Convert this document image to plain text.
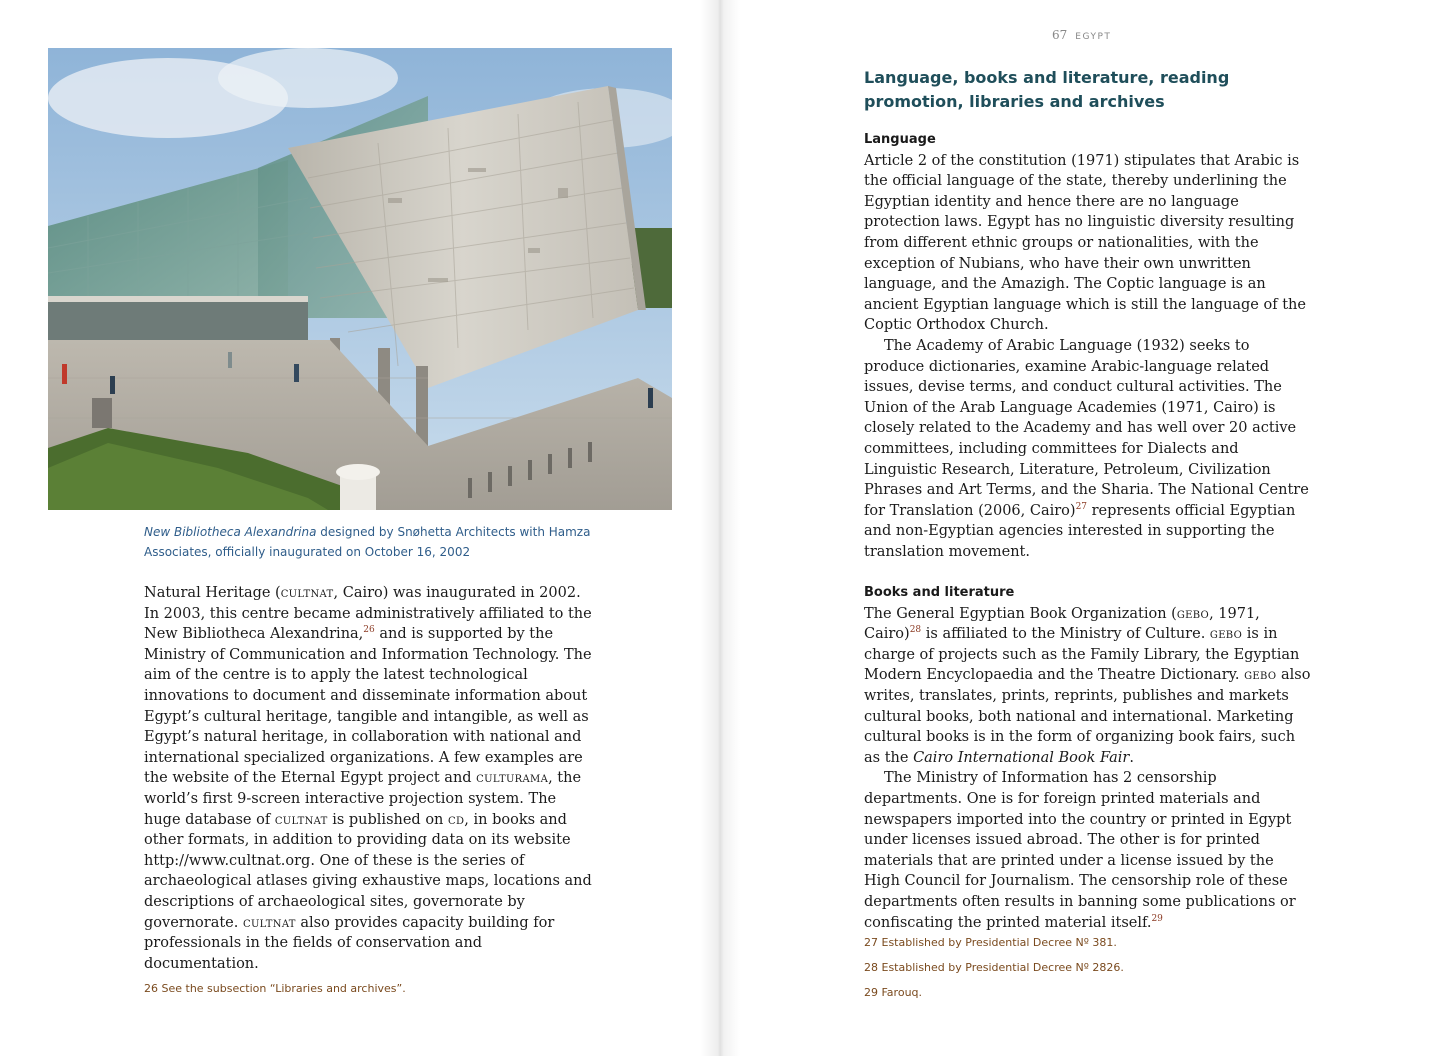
New Bibliotheca Alexandrina designed by Snøhetta Architects with Hamza Associates, officially inaugurated on October 16, 2002

Natural Heritage (cultnat, Cairo) was inaugurated in 2002. In 2003, this centre became administratively affiliated to the New Bibliotheca Alexandrina,$^{26}$ and is supported by the Ministry of Communication and Information Technology. The aim of the centre is to apply the latest technological innovations to document and disseminate information about Egypt’s cultural heritage, tangible and intangible, as well as Egypt’s natural heritage, in collaboration with national and international specialized organizations. A few examples are the website of the Eternal Egypt project and culturama, the world’s first 9-screen interactive projection system. The huge database of cultnat is published on cd, in books and other formats, in addition to providing data on its website http://www.cultnat.org. One of these is the series of archaeological atlases giving exhaustive maps, locations and descriptions of archaeological sites, governorate by governorate. cultnat also provides capacity building for professionals in the fields of conservation and documentation.

26 See the subsection “Libraries and archives”.
67 EGYPT
Language, books and literature, reading promotion, libraries and archives
Language

Article 2 of the constitution (1971) stipulates that Arabic is the official language of the state, thereby underlining the Egyptian identity and hence there are no language protection laws. Egypt has no linguistic diversity resulting from different ethnic groups or nationalities, with the exception of Nubians, who have their own unwritten language, and the Amazigh. The Coptic language is an ancient Egyptian language which is still the language of the Coptic Orthodox Church.

The Academy of Arabic Language (1932) seeks to produce dictionaries, examine Arabic-language related issues, devise terms, and conduct cultural activities. The Union of the Arab Language Academies (1971, Cairo) is closely related to the Academy and has well over 20 active committees, including committees for Dialects and Linguistic Research, Literature, Petroleum, Civilization Phrases and Art Terms, and the Sharia. The National Centre for Translation (2006, Cairo)$^{27}$ represents official Egyptian and non-Egyptian agencies interested in supporting the translation movement.

Books and literature

The General Egyptian Book Organization (gebo, 1971, Cairo)$^{28}$ is affiliated to the Ministry of Culture. gebo is in charge of projects such as the Family Library, the Egyptian Modern Encyclopaedia and the Theatre Dictionary. gebo also writes, translates, prints, reprints, publishes and markets cultural books, both national and international. Marketing cultural books is in the form of organizing book fairs, such as the Cairo International Book Fair.

The Ministry of Information has 2 censorship departments. One is for foreign printed materials and newspapers imported into the country or printed in Egypt under licenses issued abroad. The other is for printed materials that are printed under a license issued by the High Council for Journalism. The censorship role of these departments often results in banning some publications or confiscating the printed material itself.$^{29}$

27 Established by Presidential Decree Nº 381.
28 Established by Presidential Decree Nº 2826.
29 Farouq.
